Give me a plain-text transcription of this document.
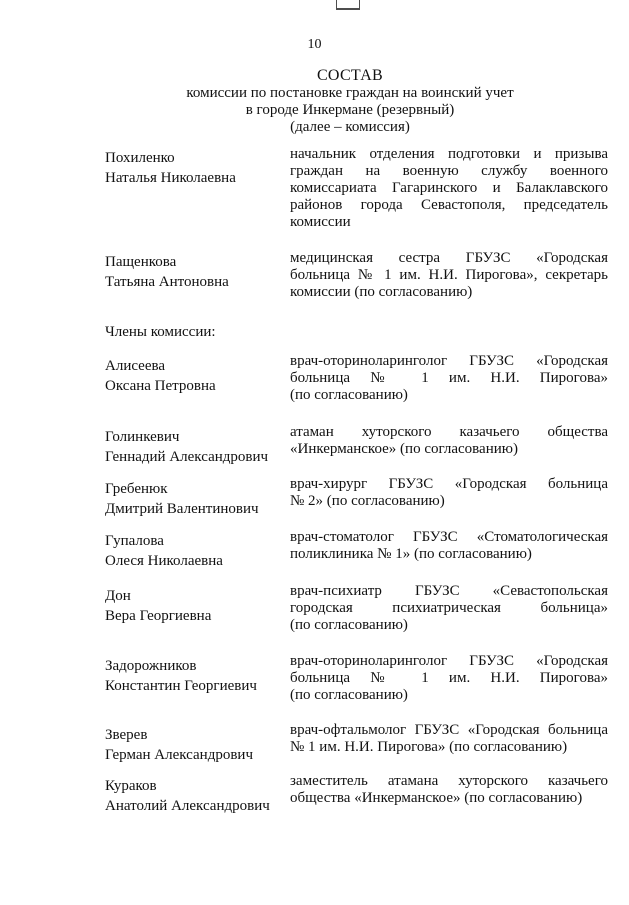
10
СОСТАВ
комиссии по постановке граждан на воинский учет
в городе Инкермане (резервный)
(далее – комиссия)
Похиленко
Наталья Николаевна
начальник отделения подготовки и призыва
граждан на военную службу военного
комиссариата Гагаринского и Балаклавского
районов города Севастополя, председатель
комиссии
Пащенкова
Татьяна Антоновна
медицинская сестра ГБУЗС «Городская
больница № 1 им. Н.И. Пирогова», секретарь
комиссии (по согласованию)
Члены комиссии:
Алисеева
Оксана Петровна
врач-оториноларинголог ГБУЗС «Городская
больница № 1 им. Н.И. Пирогова»
(по согласованию)
Голинкевич
Геннадий Александрович
атаман хуторского казачьего общества
«Инкерманское» (по согласованию)
Гребенюк
Дмитрий Валентинович
врач-хирург ГБУЗС «Городская больница
№ 2» (по согласованию)
Гупалова
Олеся Николаевна
врач-стоматолог ГБУЗС «Стоматологическая
поликлиника № 1» (по согласованию)
Дон
Вера Георгиевна
врач-психиатр ГБУЗС «Севастопольская
городская психиатрическая больница»
(по согласованию)
Задорожников
Константин Георгиевич
врач-оториноларинголог ГБУЗС «Городская
больница № 1 им. Н.И. Пирогова»
(по согласованию)
Зверев
Герман Александрович
врач-офтальмолог ГБУЗС «Городская больница
№ 1 им. Н.И. Пирогова» (по согласованию)
Кураков
Анатолий Александрович
заместитель атамана хуторского казачьего
общества «Инкерманское» (по согласованию)
